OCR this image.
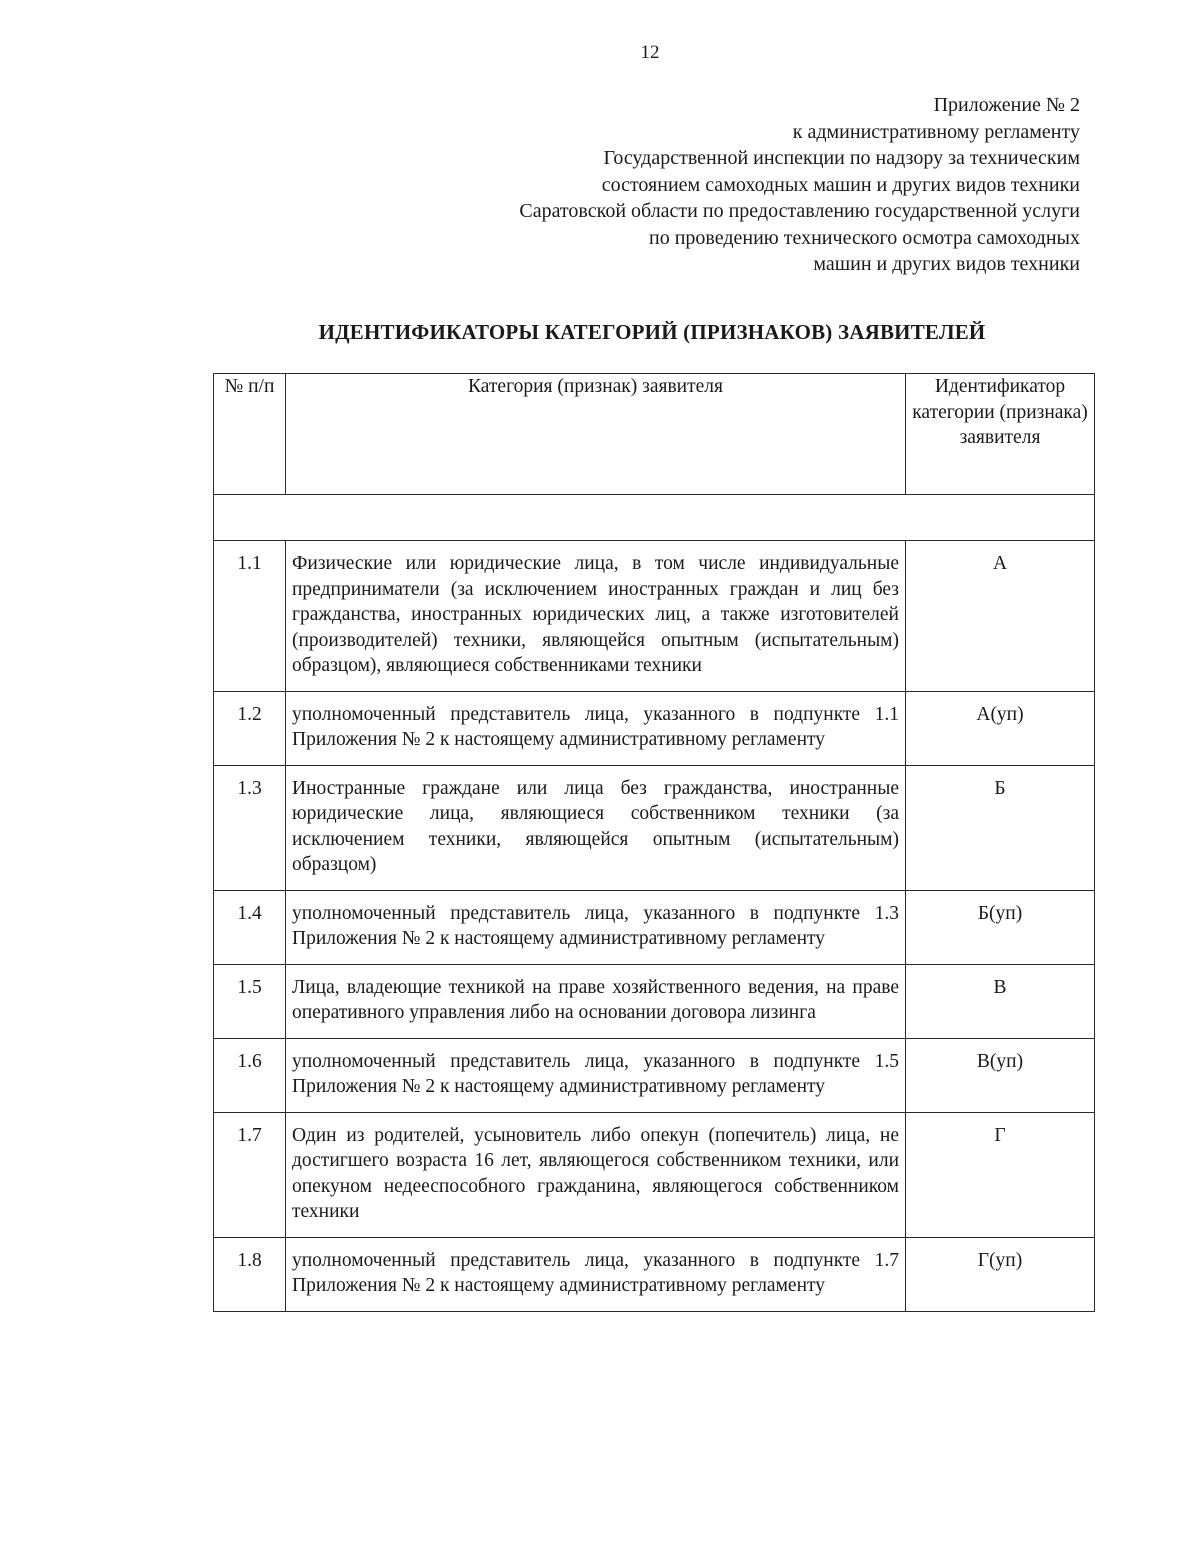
12
Приложение № 2
к административному регламенту
Государственной инспекции по надзору за техническим
состоянием самоходных машин и других видов техники
Саратовской области по предоставлению государственной услуги
по проведению технического осмотра самоходных
машин и других видов техники
ИДЕНТИФИКАТОРЫ КАТЕГОРИЙ (ПРИЗНАКОВ) ЗАЯВИТЕЛЕЙ
№ п/п	Категория (признак) заявителя	Идентификатор категории (признака) заявителя

1.1	Физические или юридические лица, в том числе индивидуальные предприниматели (за исключением иностранных граждан и лиц без гражданства, иностранных юридических лиц, а также изготовителей (производителей) техники, являющейся опытным (испытательным) образцом), являющиеся собственниками техники	А
1.2	уполномоченный представитель лица, указанного в подпункте 1.1 Приложения № 2 к настоящему административному регламенту	А(уп)
1.3	Иностранные граждане или лица без гражданства, иностранные юридические лица, являющиеся собственником техники (за исключением техники, являющейся опытным (испытательным) образцом)	Б
1.4	уполномоченный представитель лица, указанного в подпункте 1.3 Приложения № 2 к настоящему административному регламенту	Б(уп)
1.5	Лица, владеющие техникой на праве хозяйственного ведения, на праве оперативного управления либо на основании договора лизинга	В
1.6	уполномоченный представитель лица, указанного в подпункте 1.5 Приложения № 2 к настоящему административному регламенту	В(уп)
1.7	Один из родителей, усыновитель либо опекун (попечитель) лица, не достигшего возраста 16 лет, являющегося собственником техники, или опекуном недееспособного гражданина, являющегося собственником техники	Г
1.8	уполномоченный представитель лица, указанного в подпункте 1.7 Приложения № 2 к настоящему административному регламенту	Г(уп)
